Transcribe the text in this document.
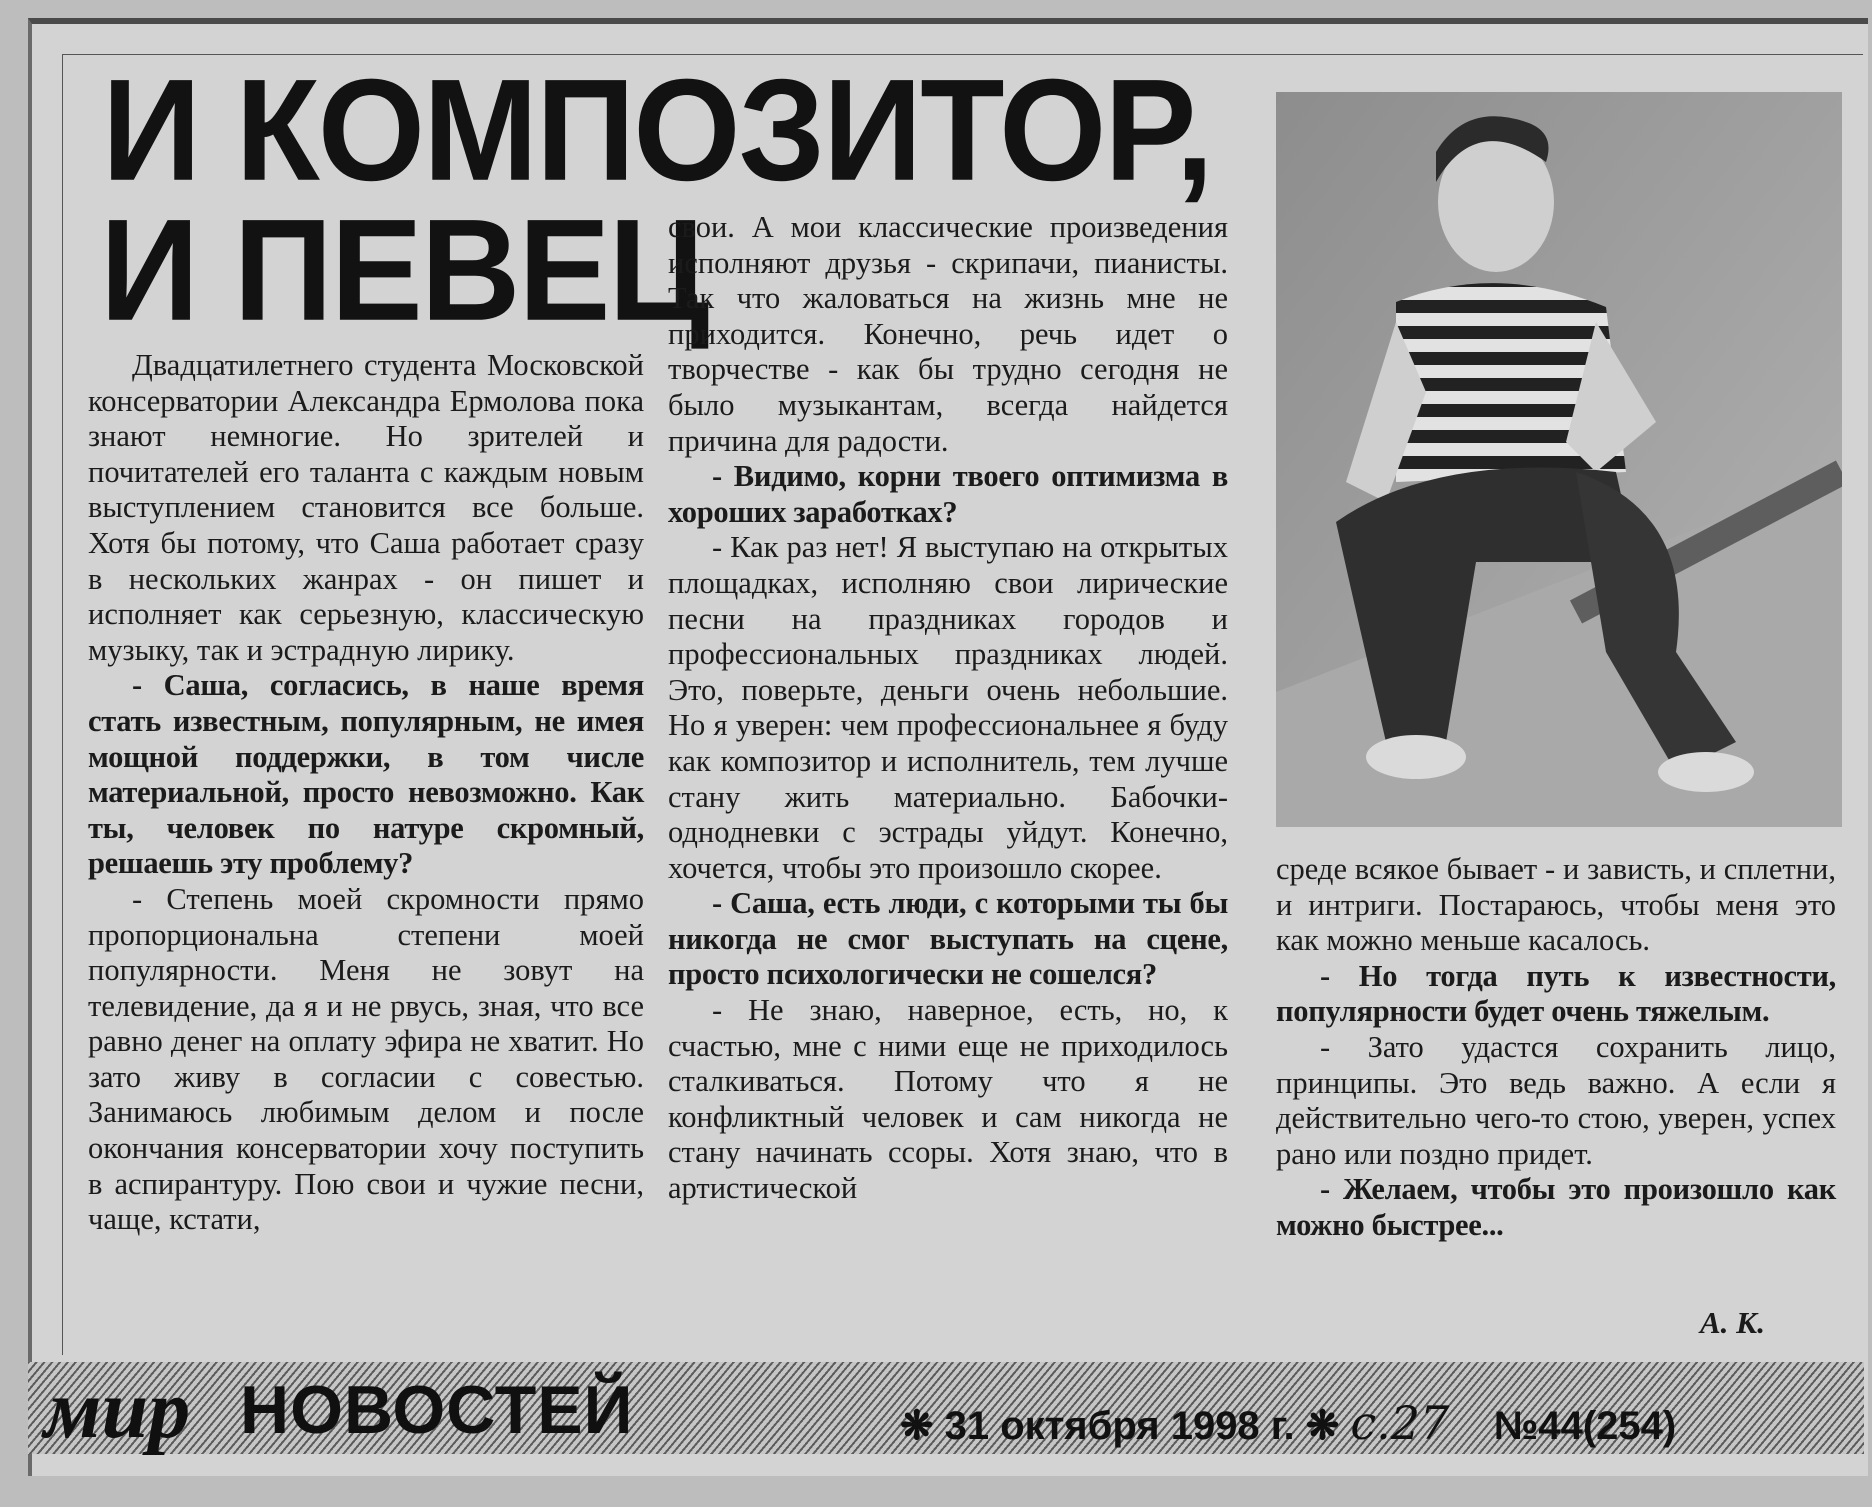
И КОМПОЗИТОР,
И ПЕВЕЦ

Двадцатилетнего студента Московской консерватории Александра Ермолова пока знают немногие. Но зрителей и почитателей его таланта с каждым новым выступлением становится все больше. Хотя бы потому, что Саша работает сразу в нескольких жанрах - он пишет и исполняет как серьезную, классическую музыку, так и эстрадную лирику.

- Саша, согласись, в наше время стать известным, популярным, не имея мощной поддержки, в том числе материальной, просто невозможно. Как ты, человек по натуре скромный, решаешь эту проблему?

- Степень моей скромности прямо пропорциональна степени моей популярности. Меня не зовут на телевидение, да я и не рвусь, зная, что все равно денег на оплату эфира не хватит. Но зато живу в согласии с совестью. Занимаюсь любимым делом и после окончания консерватории хочу поступить в аспирантуру. Пою свои и чужие песни, чаще, кстати,

свои. А мои классические произведения исполняют друзья - скрипачи, пианисты. Так что жаловаться на жизнь мне не приходится. Конечно, речь идет о творчестве - как бы трудно сегодня не было музыкантам, всегда найдется причина для радости.

- Видимо, корни твоего оптимизма в хороших заработках?

- Как раз нет! Я выступаю на открытых площадках, исполняю свои лирические песни на праздниках городов и профессиональных праздниках людей. Это, поверьте, деньги очень небольшие. Но я уверен: чем профессиональнее я буду как композитор и исполнитель, тем лучше стану жить материально. Бабочки-однодневки с эстрады уйдут. Конечно, хочется, чтобы это произошло скорее.

- Саша, есть люди, с которыми ты бы никогда не смог выступать на сцене, просто психологически не сошелся?

- Не знаю, наверное, есть, но, к счастью, мне с ними еще не приходилось сталкиваться. Потому что я не конфликтный человек и сам никогда не стану начинать ссоры. Хотя знаю, что в артистической

среде всякое бывает - и зависть, и сплетни, и интриги. Постараюсь, чтобы меня это как можно меньше касалось.

- Но тогда путь к известности, популярности будет очень тяжелым.

- Зато удастся сохранить лицо, принципы. Это ведь важно. А если я действительно чего-то стою, уверен, успех рано или поздно придет.

- Желаем, чтобы это произошло как можно быстрее...

А. К.
мир НОВОСТЕЙ	❋ 31 октября 1998 г. ❋ с.27 №44(254)
